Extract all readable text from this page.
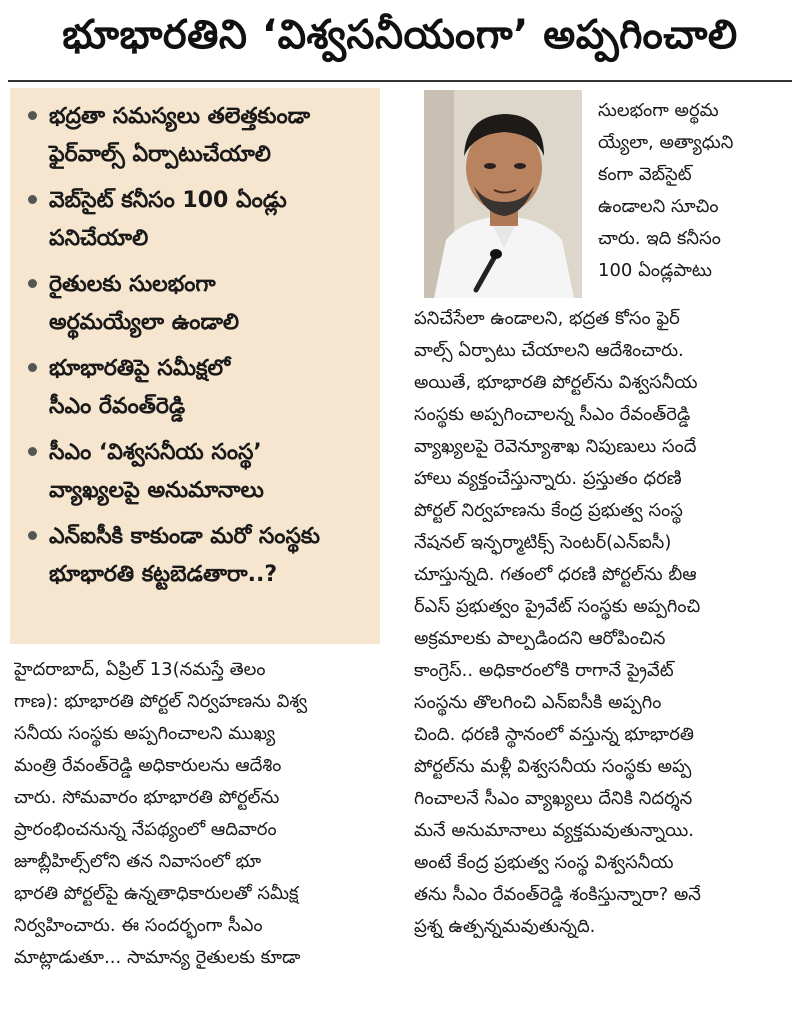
భూభారతిని ‘విశ్వసనీయంగా’ అప్పగించాలి
భద్రతా సమస్యలు తలెత్తకుండా
ఫైర్‌వాల్స్ ఏర్పాటుచేయాలి
వెబ్‌సైట్ కనీసం 100 ఏండ్లు
పనిచేయాలి
రైతులకు సులభంగా
అర్థమయ్యేలా ఉండాలి
భూభారతిపై సమీక్షలో
సీఎం రేవంత్‌రెడ్డి
సీఎం ‘విశ్వసనీయ సంస్థ’
వ్యాఖ్యలపై అనుమానాలు
ఎన్‌ఐసీకి కాకుండా మరో సంస్థకు
భూభారతి కట్టబెడతారా..?
హైదరాబాద్, ఏప్రిల్ 13(నమస్తే తెలం
గాణ): భూభారతి పోర్టల్ నిర్వహణను విశ్వ
సనీయ సంస్థకు అప్పగించాలని ముఖ్య
మంత్రి రేవంత్‌రెడ్డి అధికారులను ఆదేశిం
చారు. సోమవారం భూభారతి పోర్టల్‌ను
ప్రారంభించనున్న నేపథ్యంలో ఆదివారం
జూబ్లీహిల్స్‌లోని తన నివాసంలో భూ
భారతి పోర్టల్‌పై ఉన్నతాధికారులతో సమీక్ష
నిర్వహించారు. ఈ సందర్భంగా సీఎం
మాట్లాడుతూ... సామాన్య రైతులకు కూడా
సులభంగా అర్థమ
య్యేలా, అత్యాధుని
కంగా వెబ్‌సైట్
ఉండాలని సూచిం
చారు. ఇది కనీసం
100 ఏండ్లపాటు
పనిచేసేలా ఉండాలని, భద్రత కోసం ఫైర్
వాల్స్ ఏర్పాటు చేయాలని ఆదేశించారు.
అయితే, భూభారతి పోర్టల్‌ను విశ్వసనీయ
సంస్థకు అప్పగించాలన్న సీఎం రేవంత్‌రెడ్డి
వ్యాఖ్యలపై రెవెన్యూశాఖ నిపుణులు సందే
హాలు వ్యక్తంచేస్తున్నారు. ప్రస్తుతం ధరణి
పోర్టల్ నిర్వహణను కేంద్ర ప్రభుత్వ సంస్థ
నేషనల్ ఇన్ఫర్మాటిక్స్ సెంటర్(ఎన్‌ఐసీ)
చూస్తున్నది. గతంలో ధరణి పోర్టల్‌ను బీఆ
ర్‌ఎస్ ప్రభుత్వం ప్రైవేట్ సంస్థకు అప్పగించి
అక్రమాలకు పాల్పడిందని ఆరోపించిన
కాంగ్రెస్.. అధికారంలోకి రాగానే ప్రైవేట్
సంస్థను తొలగించి ఎన్‌ఐసీకి అప్పగిం
చింది. ధరణి స్థానంలో వస్తున్న భూభారతి
పోర్టల్‌ను మళ్లీ విశ్వసనీయ సంస్థకు అప్ప
గించాలనే సీఎం వ్యాఖ్యలు దేనికి నిదర్శన
మనే అనుమానాలు వ్యక్తమవుతున్నాయి.
అంటే కేంద్ర ప్రభుత్వ సంస్థ విశ్వసనీయ
తను సీఎం రేవంత్‌రెడ్డి శంకిస్తున్నారా? అనే
ప్రశ్న ఉత్పన్నమవుతున్నది.
